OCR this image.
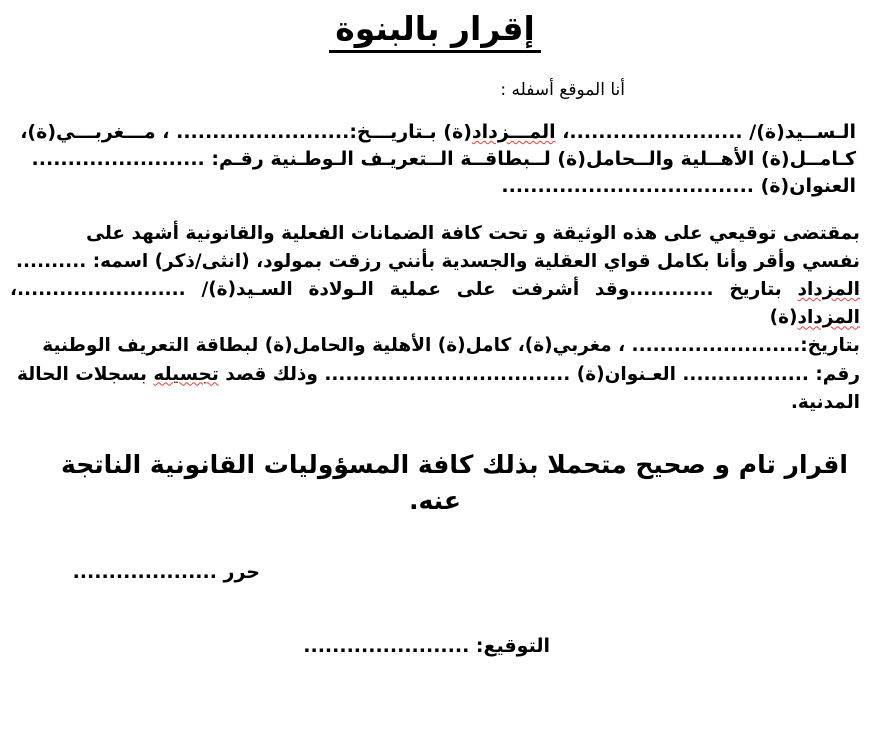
إقرار بالبنوة
أنا الموقع أسفله :
الـســيد(ة)/ ........................، المـــزداد(ة) بـتاريـــخ:........................ ، مـــغربـــي(ة)،
كـامــل(ة) الأهــلية والــحامل(ة) لــبطاقــة الــتعريـف الـوطـنية رقـم: ........................
العنوان(ة) ...................................
بمقتضى توقيعي على هذه الوثيقة و تحت كافة الضمانات الفعلية والقانونية أشهد على
نفسي وأقر وأنا بكامل قواي العقلية والجسدية بأنني رزقت بمولود، (انثى/ذكر) اسمه: ..........
المزداد بتاريخ ............وقد أشرفت على عملية الـولادة السـيد(ة)/ ........................، المزداد(ة)
بتاريخ:........................ ، مغربي(ة)، كامل(ة) الأهلية والحامل(ة) لبطاقة التعريف الوطنية
رقم: .................. العـنوان(ة) ................................... وذلك قصد تجسيله بسجلات الحالة
المدنية.
اقرار تام و صحيح متحملا بذلك كافة المسؤوليات القانونية الناتجة
عنه.
حرر ....................
التوقيع: .......................
